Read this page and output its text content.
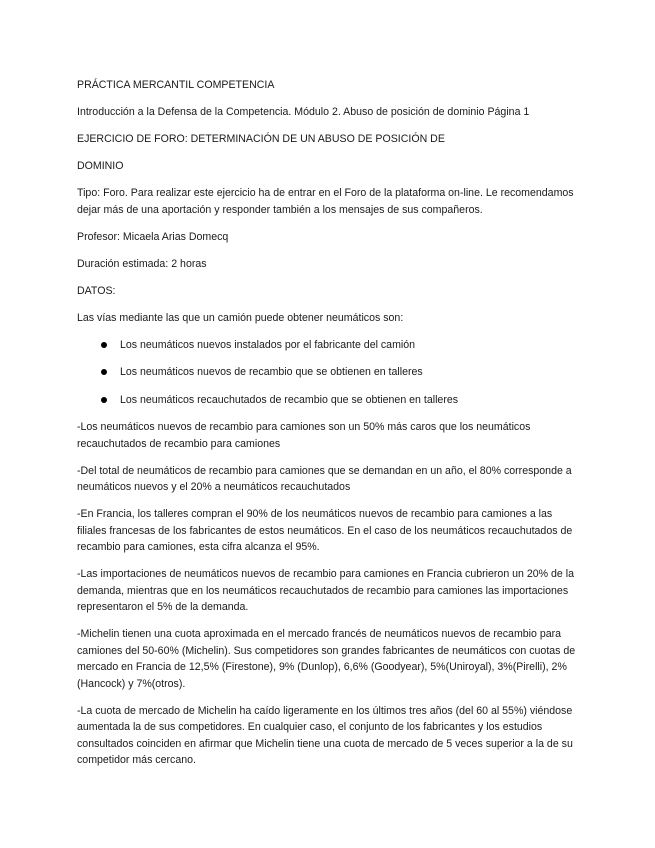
PRÁCTICA MERCANTIL COMPETENCIA

Introducción a la Defensa de la Competencia. Módulo 2. Abuso de posición de dominio Página 1

EJERCICIO DE FORO: DETERMINACIÓN DE UN ABUSO DE POSICIÓN DE

DOMINIO

Tipo: Foro. Para realizar este ejercicio ha de entrar en el Foro de la plataforma on-line. Le recomendamos dejar más de una aportación y responder también a los mensajes de sus compañeros.

Profesor: Micaela Arias Domecq

Duración estimada: 2 horas

DATOS:

Las vías mediante las que un camión puede obtener neumáticos son:

Los neumáticos nuevos instalados por el fabricante del camión
Los neumáticos nuevos de recambio que se obtienen en talleres
Los neumáticos recauchutados de recambio que se obtienen en talleres

-Los neumáticos nuevos de recambio para camiones son un 50% más caros que los neumáticos recauchutados de recambio para camiones

-Del total de neumáticos de recambio para camiones que se demandan en un año, el 80% corresponde a neumáticos nuevos y el 20% a neumáticos recauchutados

-En Francia, los talleres compran el 90% de los neumáticos nuevos de recambio para camiones a las filiales francesas de los fabricantes de estos neumáticos. En el caso de los neumáticos recauchutados de recambio para camiones, esta cifra alcanza el 95%.

-Las importaciones de neumáticos nuevos de recambio para camiones en Francia cubrieron un 20% de la demanda, mientras que en los neumáticos recauchutados de recambio para camiones las importaciones representaron el 5% de la demanda.

-Michelin tienen una cuota aproximada en el mercado francés de neumáticos nuevos de recambio para camiones del 50-60% (Michelin). Sus competidores son grandes fabricantes de neumáticos con cuotas de mercado en Francia de 12,5% (Firestone), 9% (Dunlop), 6,6% (Goodyear), 5%(Uniroyal), 3%(Pirelli), 2% (Hancock) y 7%(otros).

-La cuota de mercado de Michelin ha caído ligeramente en los últimos tres años (del 60 al 55%) viéndose aumentada la de sus competidores. En cualquier caso, el conjunto de los fabricantes y los estudios consultados coinciden en afirmar que Michelin tiene una cuota de mercado de 5 veces superior a la de su competidor más cercano.
